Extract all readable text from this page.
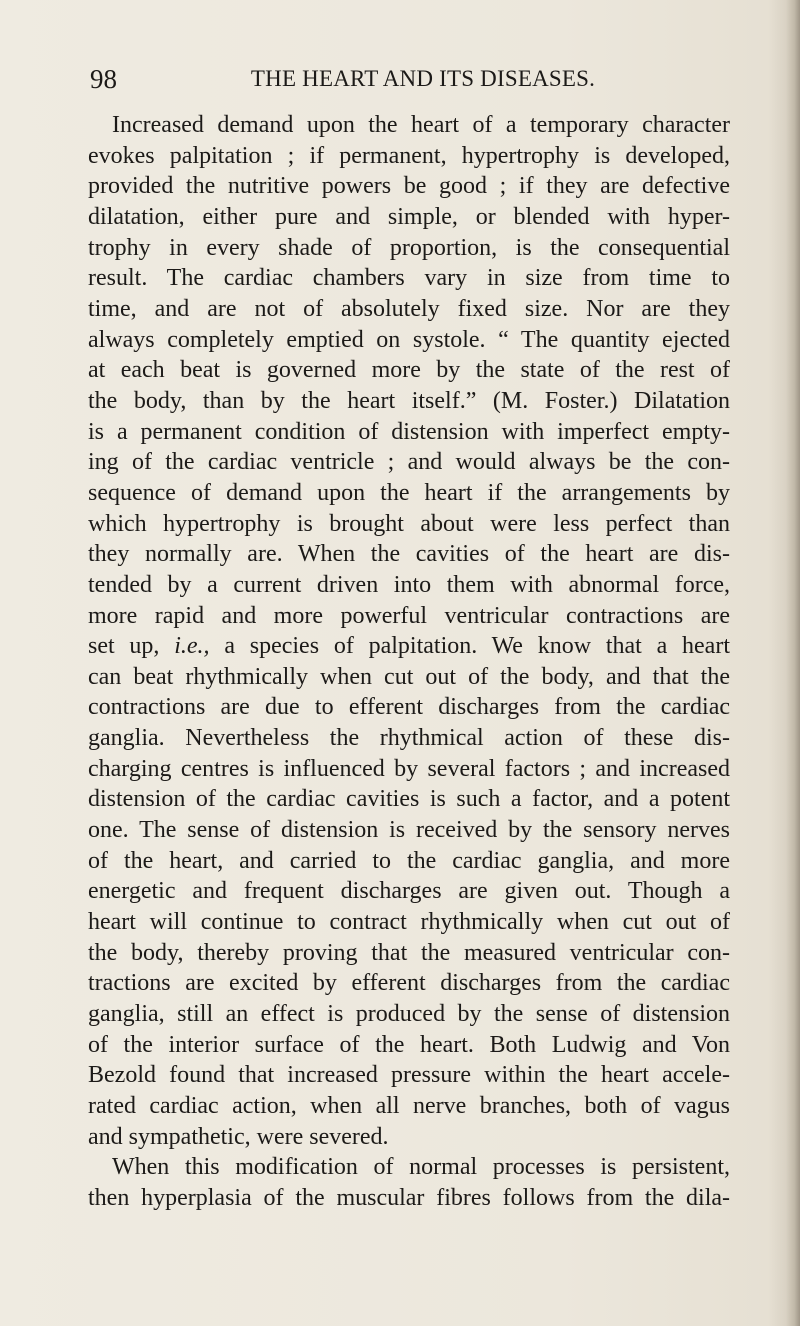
98	THE HEART AND ITS DISEASES.

Increased demand upon the heart of a temporary character
evokes palpitation ; if permanent, hypertrophy is developed,
provided the nutritive powers be good ; if they are defective
dilatation, either pure and simple, or blended with hyper-
trophy in every shade of proportion, is the consequential
result. The cardiac chambers vary in size from time to
time, and are not of absolutely fixed size. Nor are they
always completely emptied on systole. “ The quantity ejected
at each beat is governed more by the state of the rest of
the body, than by the heart itself.” (M. Foster.) Dilatation
is a permanent condition of distension with imperfect empty-
ing of the cardiac ventricle ; and would always be the con-
sequence of demand upon the heart if the arrangements by
which hypertrophy is brought about were less perfect than
they normally are. When the cavities of the heart are dis-
tended by a current driven into them with abnormal force,
more rapid and more powerful ventricular contractions are
set up, i.e., a species of palpitation. We know that a heart
can beat rhythmically when cut out of the body, and that the
contractions are due to efferent discharges from the cardiac
ganglia. Nevertheless the rhythmical action of these dis-
charging centres is influenced by several factors ; and increased
distension of the cardiac cavities is such a factor, and a potent
one. The sense of distension is received by the sensory nerves
of the heart, and carried to the cardiac ganglia, and more
energetic and frequent discharges are given out. Though a
heart will continue to contract rhythmically when cut out of
the body, thereby proving that the measured ventricular con-
tractions are excited by efferent discharges from the cardiac
ganglia, still an effect is produced by the sense of distension
of the interior surface of the heart. Both Ludwig and Von
Bezold found that increased pressure within the heart accele-
rated cardiac action, when all nerve branches, both of vagus
and sympathetic, were severed.

When this modification of normal processes is persistent,
then hyperplasia of the muscular fibres follows from the dila-
